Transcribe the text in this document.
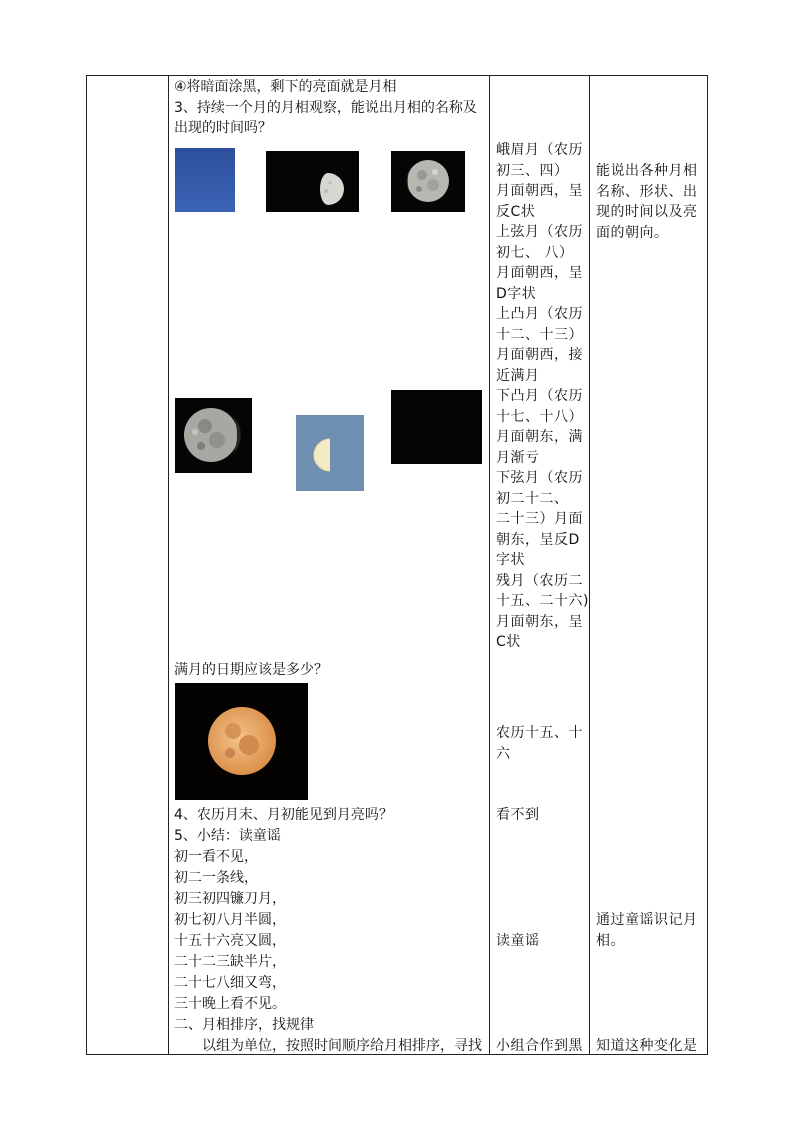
④将暗面涂黑，剩下的亮面就是月相
3、持续一个月的月相观察，能说出月相的名称及
出现的时间吗？
满月的日期应该是多少？
4、农历月末、月初能见到月亮吗？
5、小结：读童谣
初一看不见，
初二一条线，
初三初四镰刀月，
初七初八月半圆，
十五十六亮又圆，
二十二三缺半片，
二十七八细又弯，
三十晚上看不见。
二、月相排序，找规律
以组为单位，按照时间顺序给月相排序，寻找
峨眉月（农历
初三、四）
月面朝西，呈
反C状
上弦月（农历
初七、 八）
月面朝西，呈
D字状
上凸月（农历
十二、十三）
月面朝西，接
近满月
下凸月（农历
十七、十八）
月面朝东，满
月渐亏
下弦月（农历
初二十二、
二十三）月面
朝东，呈反D
字状
残月（农历二
十五、二十六)
月面朝东，呈
C状
农历十五、十
六
看不到
读童谣
小组合作到黑
能说出各种月相
名称、形状、出
现的时间以及亮
面的朝向。
通过童谣识记月
相。
知道这种变化是
